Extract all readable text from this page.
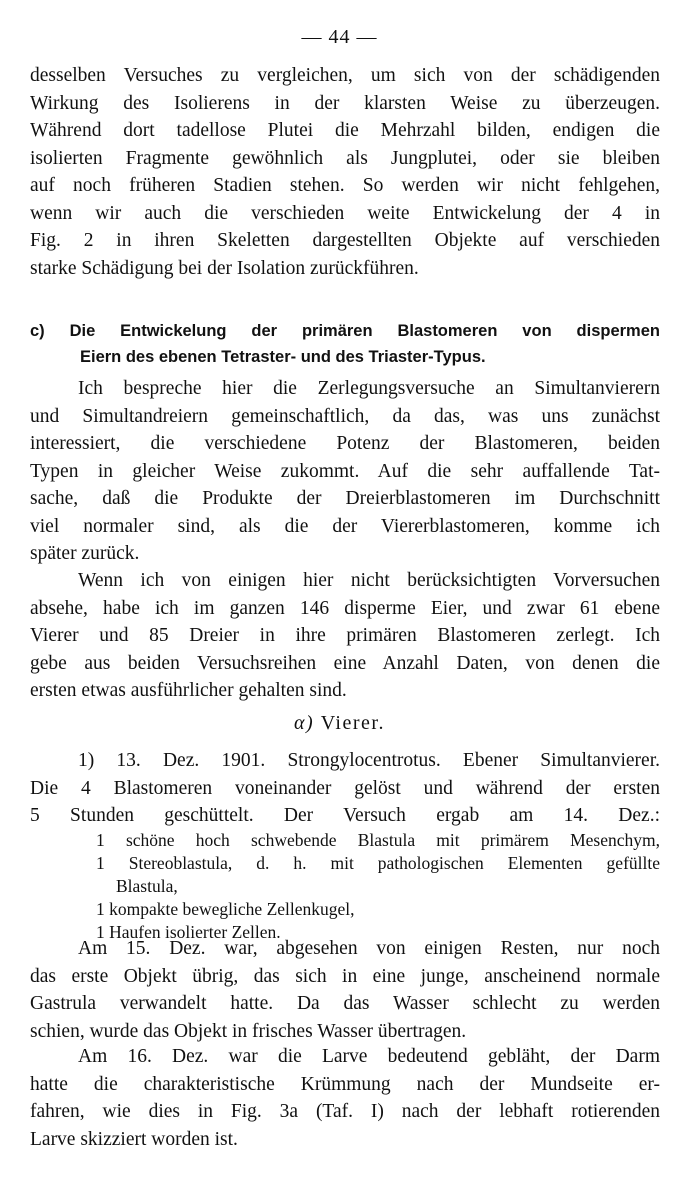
— 44 —
desselben Versuches zu vergleichen, um sich von der schädigenden
Wirkung des Isolierens in der klarsten Weise zu überzeugen.
Während dort tadellose Plutei die Mehrzahl bilden, endigen die
isolierten Fragmente gewöhnlich als Jungplutei, oder sie bleiben
auf noch früheren Stadien stehen. So werden wir nicht fehlgehen,
wenn wir auch die verschieden weite Entwickelung der 4 in
Fig. 2 in ihren Skeletten dargestellten Objekte auf verschieden
starke Schädigung bei der Isolation zurückführen.
c) Die Entwickelung der primären Blastomeren von dispermen
Eiern des ebenen Tetraster- und des Triaster-Typus.
Ich bespreche hier die Zerlegungsversuche an Simultanvierern
und Simultandreiern gemeinschaftlich, da das, was uns zunächst
interessiert, die verschiedene Potenz der Blastomeren, beiden
Typen in gleicher Weise zukommt. Auf die sehr auffallende Tat-
sache, daß die Produkte der Dreierblastomeren im Durchschnitt
viel normaler sind, als die der Viererblastomeren, komme ich
später zurück.
Wenn ich von einigen hier nicht berücksichtigten Vorversuchen
absehe, habe ich im ganzen 146 disperme Eier, und zwar 61 ebene
Vierer und 85 Dreier in ihre primären Blastomeren zerlegt. Ich
gebe aus beiden Versuchsreihen eine Anzahl Daten, von denen die
ersten etwas ausführlicher gehalten sind.
α) Vierer.
1) 13. Dez. 1901. Strongylocentrotus. Ebener Simultanvierer.
Die 4 Blastomeren voneinander gelöst und während der ersten
5 Stunden geschüttelt. Der Versuch ergab am 14. Dez.:
1 schöne hoch schwebende Blastula mit primärem Mesenchym,
1 Stereoblastula, d. h. mit pathologischen Elementen gefüllte
Blastula,
1 kompakte bewegliche Zellenkugel,
1 Haufen isolierter Zellen.
Am 15. Dez. war, abgesehen von einigen Resten, nur noch
das erste Objekt übrig, das sich in eine junge, anscheinend normale
Gastrula verwandelt hatte. Da das Wasser schlecht zu werden
schien, wurde das Objekt in frisches Wasser übertragen.
Am 16. Dez. war die Larve bedeutend gebläht, der Darm
hatte die charakteristische Krümmung nach der Mundseite er-
fahren, wie dies in Fig. 3a (Taf. I) nach der lebhaft rotierenden
Larve skizziert worden ist.
